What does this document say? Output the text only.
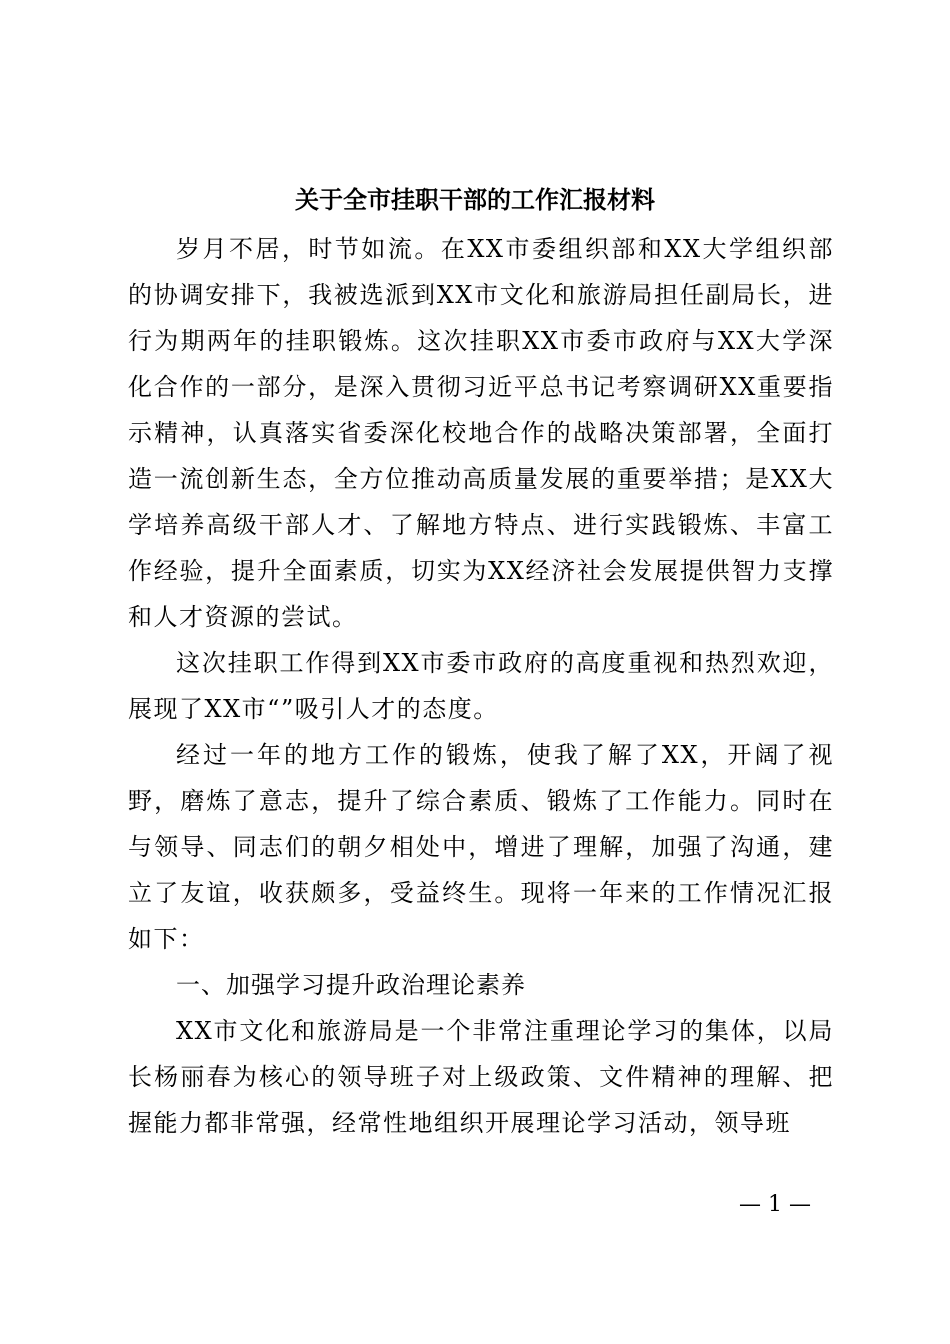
关于全市挂职干部的工作汇报材料

岁月不居，时节如流。在XX市委组织部和XX大学组织部的协调安排下，我被选派到XX市文化和旅游局担任副局长，进行为期两年的挂职锻炼。这次挂职XX市委市政府与XX大学深化合作的一部分，是深入贯彻习近平总书记考察调研XX重要指示精神，认真落实省委深化校地合作的战略决策部署，全面打造一流创新生态，全方位推动高质量发展的重要举措；是XX大学培养高级干部人才、了解地方特点、进行实践锻炼、丰富工作经验，提升全面素质，切实为XX经济社会发展提供智力支撑和人才资源的尝试。

这次挂职工作得到XX市委市政府的高度重视和热烈欢迎，展现了XX市“”吸引人才的态度。

经过一年的地方工作的锻炼，使我了解了XX，开阔了视野，磨炼了意志，提升了综合素质、锻炼了工作能力。同时在与领导、同志们的朝夕相处中，增进了理解，加强了沟通，建立了友谊，收获颇多，受益终生。现将一年来的工作情况汇报如下：

一、加强学习提升政治理论素养

XX市文化和旅游局是一个非常注重理论学习的集体，以局长杨丽春为核心的领导班子对上级政策、文件精神的理解、把握能力都非常强，经常性地组织开展理论学习活动，领导班

— 1 —
